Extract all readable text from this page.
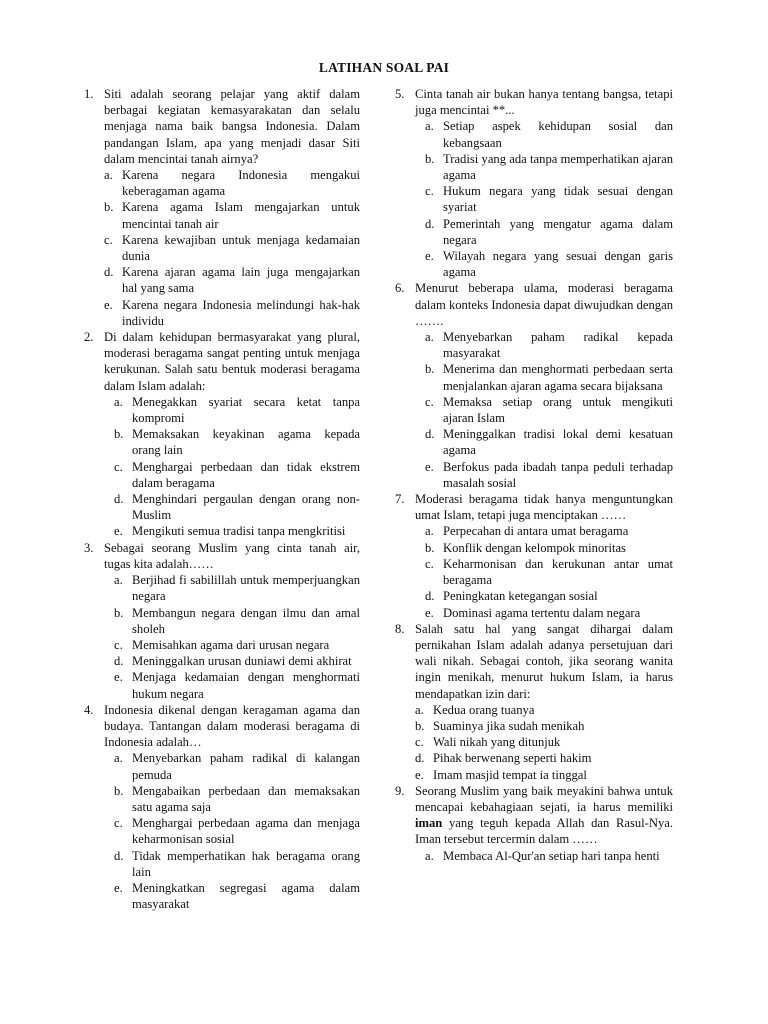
LATIHAN SOAL PAI
1. Siti adalah seorang pelajar yang aktif dalam berbagai kegiatan kemasyarakatan dan selalu menjaga nama baik bangsa Indonesia. Dalam pandangan Islam, apa yang menjadi dasar Siti dalam mencintai tanah airnya?
a. Karena negara Indonesia mengakui keberagaman agama
b. Karena agama Islam mengajarkan untuk mencintai tanah air
c. Karena kewajiban untuk menjaga kedamaian dunia
d. Karena ajaran agama lain juga mengajarkan hal yang sama
e. Karena negara Indonesia melindungi hak-hak individu
2. Di dalam kehidupan bermasyarakat yang plural, moderasi beragama sangat penting untuk menjaga kerukunan. Salah satu bentuk moderasi beragama dalam Islam adalah:
a. Menegakkan syariat secara ketat tanpa kompromi
b. Memaksakan keyakinan agama kepada orang lain
c. Menghargai perbedaan dan tidak ekstrem dalam beragama
d. Menghindari pergaulan dengan orang non-Muslim
e. Mengikuti semua tradisi tanpa mengkritisi
3. Sebagai seorang Muslim yang cinta tanah air, tugas kita adalah……
a. Berjihad fi sabilillah untuk memperjuangkan negara
b. Membangun negara dengan ilmu dan amal sholeh
c. Memisahkan agama dari urusan negara
d. Meninggalkan urusan duniawi demi akhirat
e. Menjaga kedamaian dengan menghormati hukum negara
4. Indonesia dikenal dengan keragaman agama dan budaya. Tantangan dalam moderasi beragama di Indonesia adalah…
a. Menyebarkan paham radikal di kalangan pemuda
b. Mengabaikan perbedaan dan memaksakan satu agama saja
c. Menghargai perbedaan agama dan menjaga keharmonisan sosial
d. Tidak memperhatikan hak beragama orang lain
e. Meningkatkan segregasi agama dalam masyarakat
5. Cinta tanah air bukan hanya tentang bangsa, tetapi juga mencintai **...
a. Setiap aspek kehidupan sosial dan kebangsaan
b. Tradisi yang ada tanpa memperhatikan ajaran agama
c. Hukum negara yang tidak sesuai dengan syariat
d. Pemerintah yang mengatur agama dalam negara
e. Wilayah negara yang sesuai dengan garis agama
6. Menurut beberapa ulama, moderasi beragama dalam konteks Indonesia dapat diwujudkan dengan …….
a. Menyebarkan paham radikal kepada masyarakat
b. Menerima dan menghormati perbedaan serta menjalankan ajaran agama secara bijaksana
c. Memaksa setiap orang untuk mengikuti ajaran Islam
d. Meninggalkan tradisi lokal demi kesatuan agama
e. Berfokus pada ibadah tanpa peduli terhadap masalah sosial
7. Moderasi beragama tidak hanya menguntungkan umat Islam, tetapi juga menciptakan ……
a. Perpecahan di antara umat beragama
b. Konflik dengan kelompok minoritas
c. Keharmonisan dan kerukunan antar umat beragama
d. Peningkatan ketegangan sosial
e. Dominasi agama tertentu dalam negara
8. Salah satu hal yang sangat dihargai dalam pernikahan Islam adalah adanya persetujuan dari wali nikah. Sebagai contoh, jika seorang wanita ingin menikah, menurut hukum Islam, ia harus mendapatkan izin dari:
a. Kedua orang tuanya
b. Suaminya jika sudah menikah
c. Wali nikah yang ditunjuk
d. Pihak berwenang seperti hakim
e. Imam masjid tempat ia tinggal
9. Seorang Muslim yang baik meyakini bahwa untuk mencapai kebahagiaan sejati, ia harus memiliki iman yang teguh kepada Allah dan Rasul-Nya. Iman tersebut tercermin dalam ……
a. Membaca Al-Qur'an setiap hari tanpa henti
